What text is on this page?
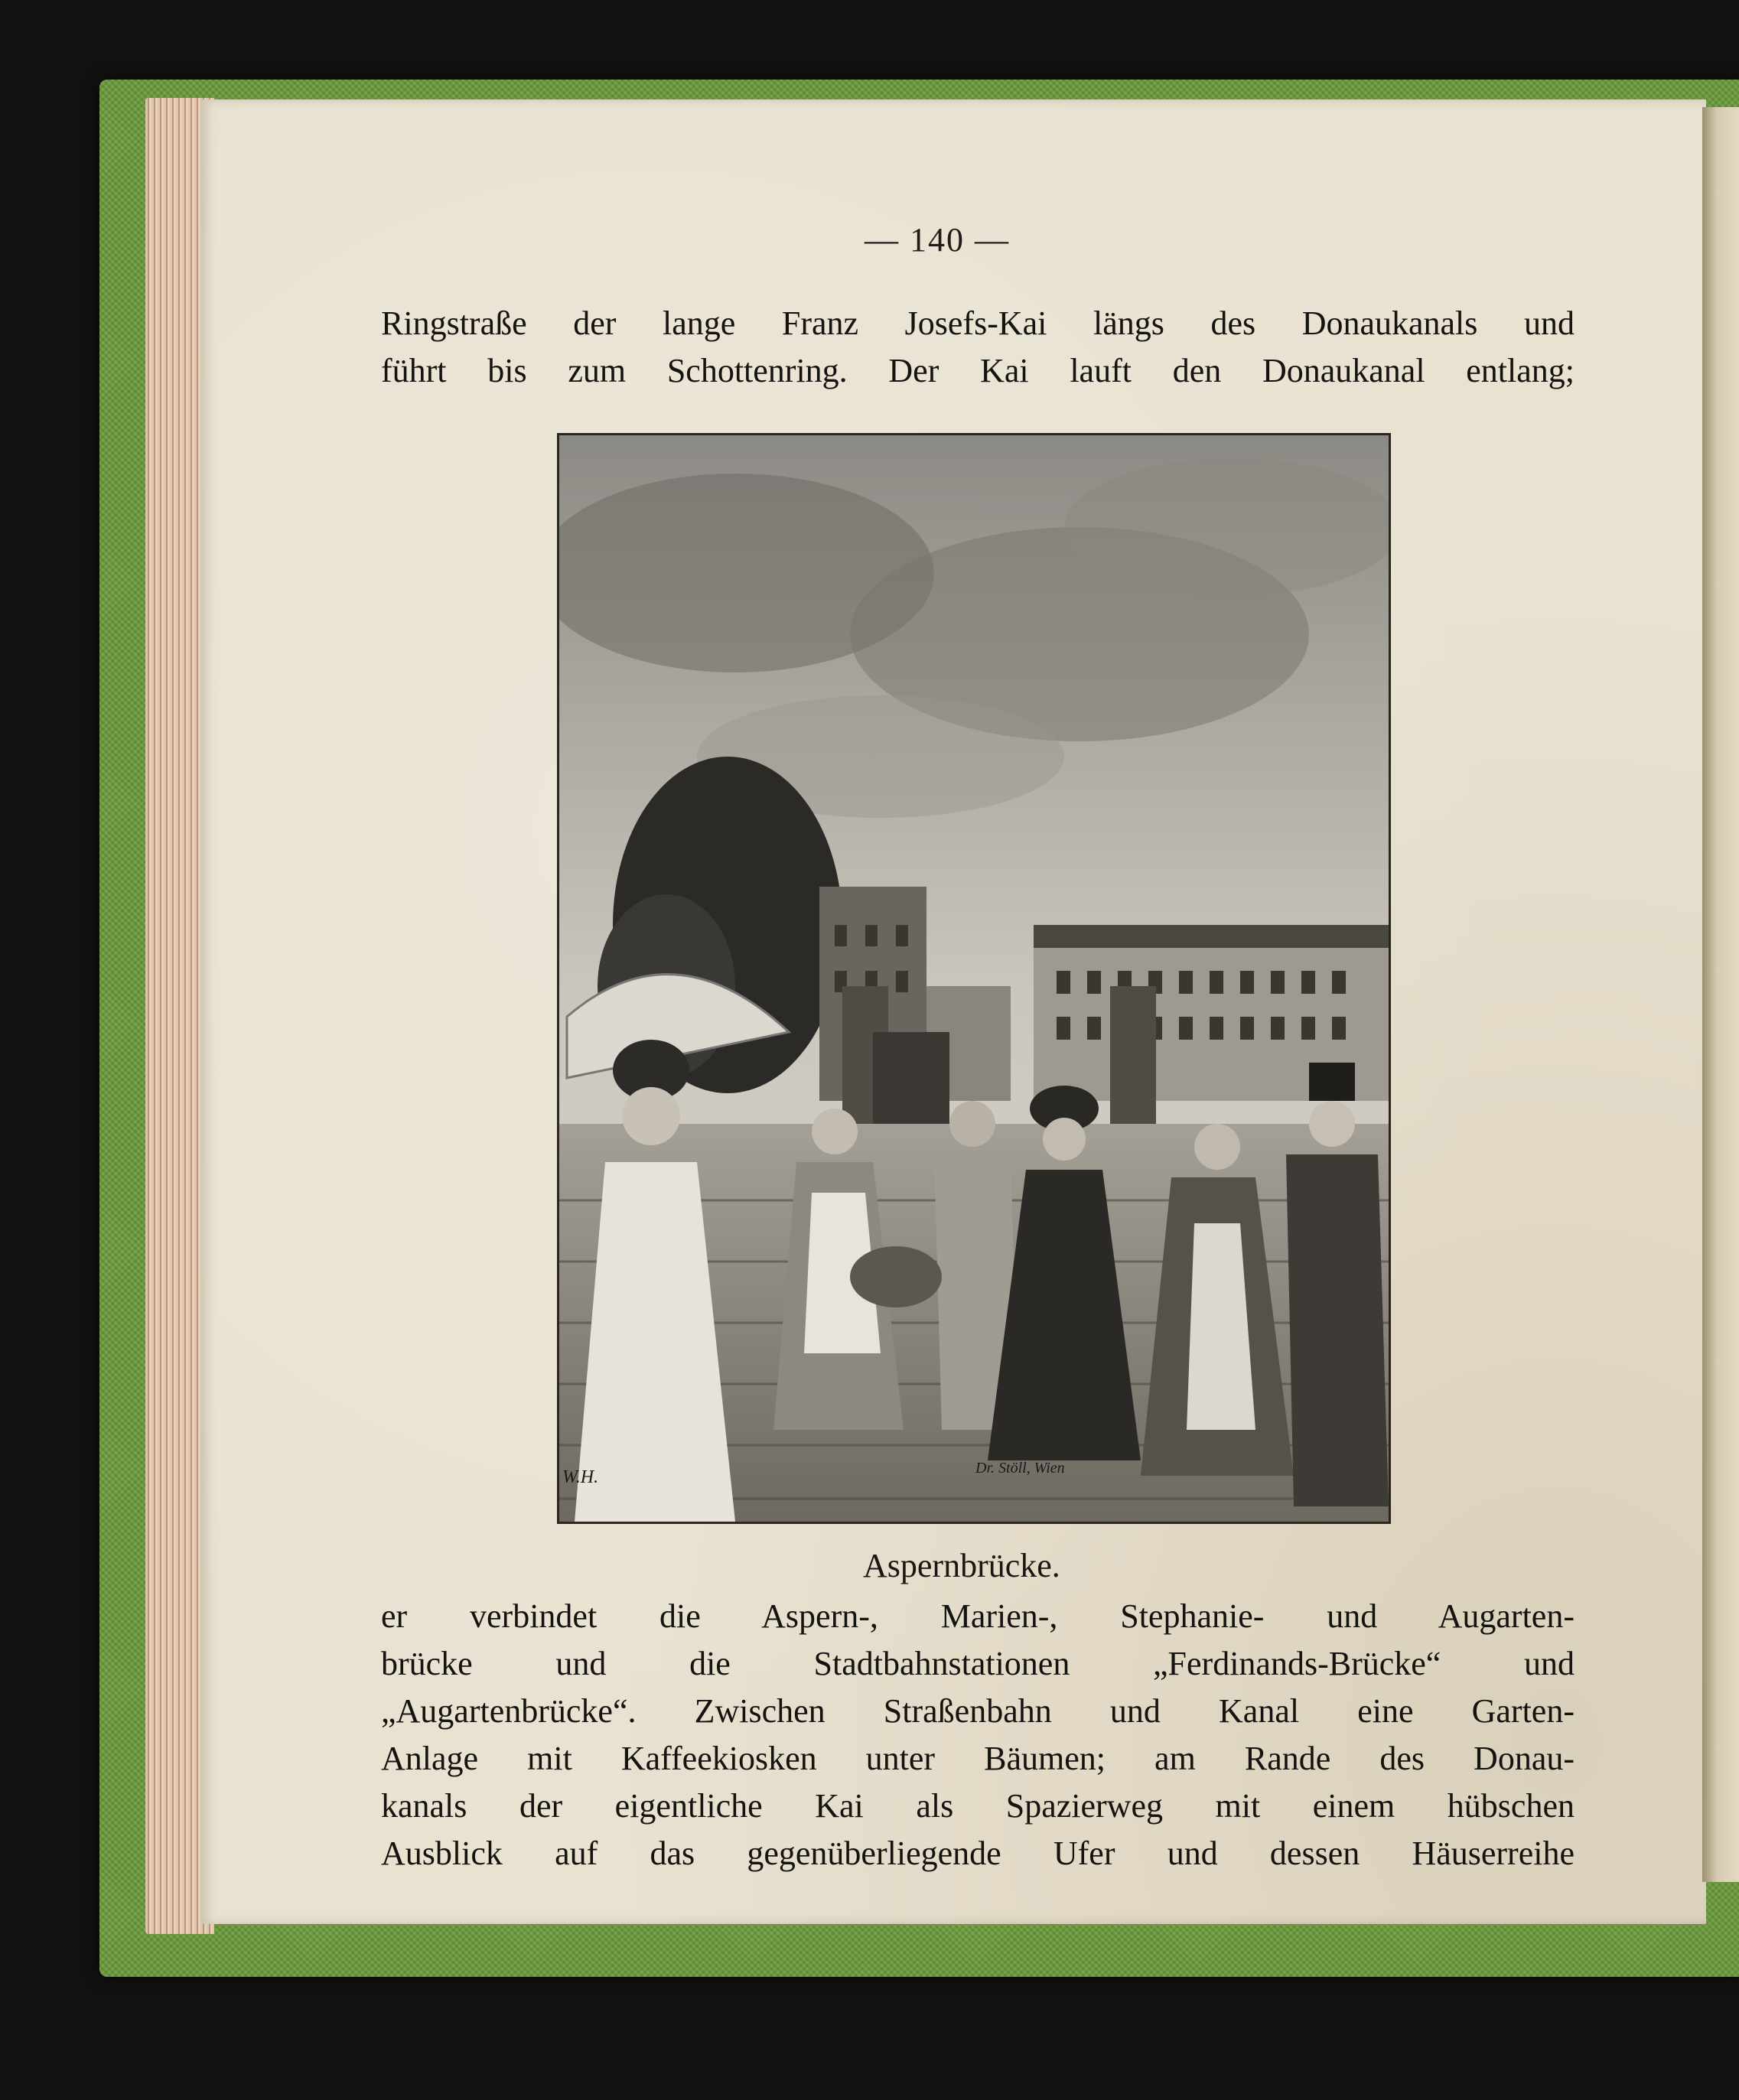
— 140 —
Ringstraße der lange Franz Josefs-Kai längs des Donaukanals und
führt bis zum Schottenring. Der Kai lauft den Donaukanal entlang;
W.H.	Dr. Stöll, Wien
Aspernbrücke.
er verbindet die Aspern-, Marien-, Stephanie- und Augarten-
brücke und die Stadtbahnstationen „Ferdinands-Brücke“ und
„Augartenbrücke“. Zwischen Straßenbahn und Kanal eine Garten-
Anlage mit Kaffeekiosken unter Bäumen; am Rande des Donau-
kanals der eigentliche Kai als Spazierweg mit einem hübschen
Ausblick auf das gegenüberliegende Ufer und dessen Häuserreihe
